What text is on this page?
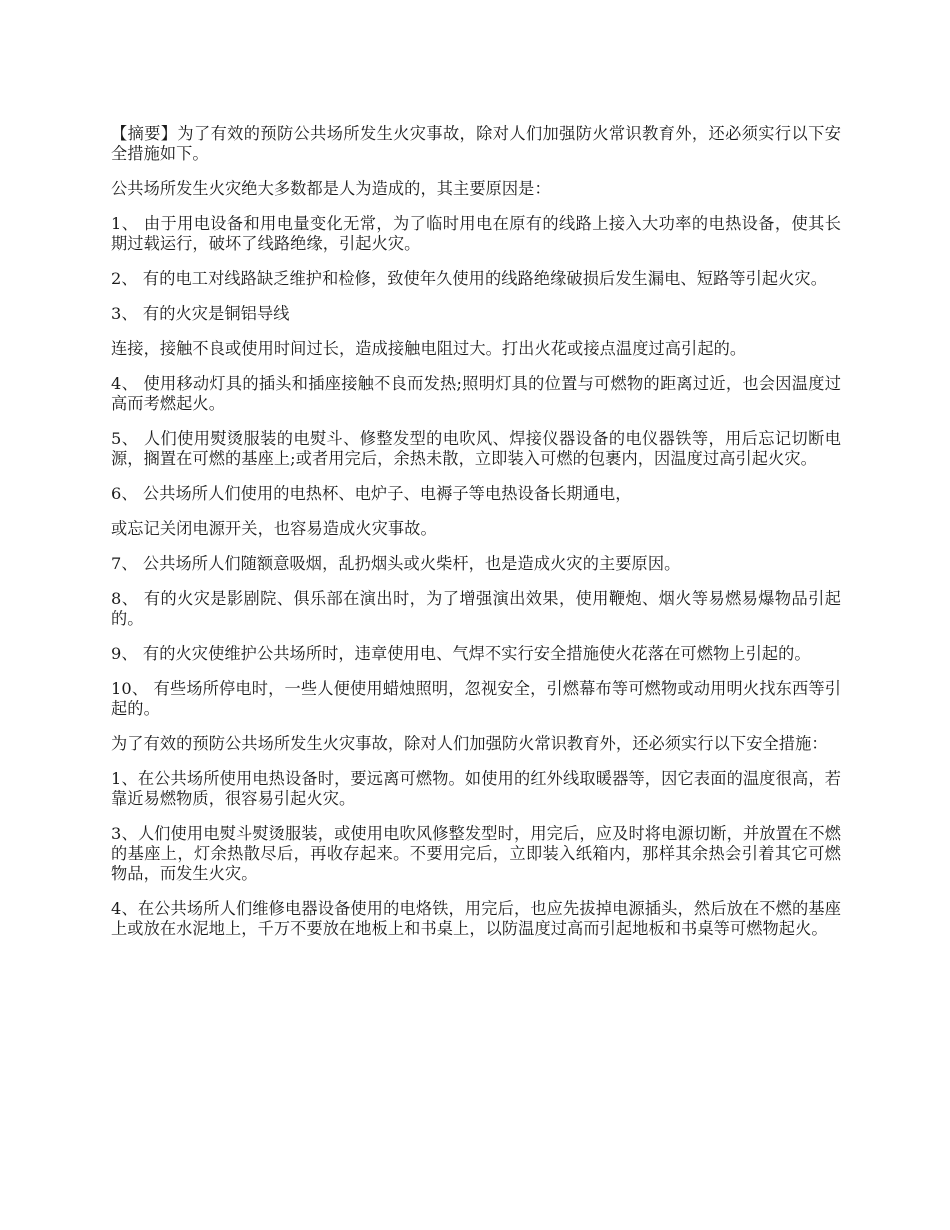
【摘要】为了有效的预防公共场所发生火灾事故，除对人们加强防火常识教育外，还必须实行以下安全措施如下。

公共场所发生火灾绝大多数都是人为造成的，其主要原因是：

1、 由于用电设备和用电量变化无常，为了临时用电在原有的线路上接入大功率的电热设备，使其长期过载运行，破坏了线路绝缘，引起火灾。

2、 有的电工对线路缺乏维护和检修，致使年久使用的线路绝缘破损后发生漏电、短路等引起火灾。

3、 有的火灾是铜铝导线

连接，接触不良或使用时间过长，造成接触电阻过大。打出火花或接点温度过高引起的。

4、 使用移动灯具的插头和插座接触不良而发热;照明灯具的位置与可燃物的距离过近，也会因温度过高而考燃起火。

5、 人们使用熨烫服装的电熨斗、修整发型的电吹风、焊接仪器设备的电仪器铁等，用后忘记切断电源，搁置在可燃的基座上;或者用完后，余热未散，立即装入可燃的包裹内，因温度过高引起火灾。

6、 公共场所人们使用的电热杯、电炉子、电褥子等电热设备长期通电，

或忘记关闭电源开关，也容易造成火灾事故。

7、 公共场所人们随额意吸烟，乱扔烟头或火柴杆，也是造成火灾的主要原因。

8、 有的火灾是影剧院、俱乐部在演出时，为了增强演出效果，使用鞭炮、烟火等易燃易爆物品引起的。

9、 有的火灾使维护公共场所时，违章使用电、气焊不实行安全措施使火花落在可燃物上引起的。

10、 有些场所停电时，一些人便使用蜡烛照明，忽视安全，引燃幕布等可燃物或动用明火找东西等引起的。

为了有效的预防公共场所发生火灾事故，除对人们加强防火常识教育外，还必须实行以下安全措施：

1、在公共场所使用电热设备时，要远离可燃物。如使用的红外线取暖器等，因它表面的温度很高，若靠近易燃物质，很容易引起火灾。

3、人们使用电熨斗熨烫服装，或使用电吹风修整发型时，用完后，应及时将电源切断，并放置在不燃的基座上，灯余热散尽后，再收存起来。不要用完后，立即装入纸箱内，那样其余热会引着其它可燃物品，而发生火灾。

4、在公共场所人们维修电器设备使用的电烙铁，用完后，也应先拔掉电源插头，然后放在不燃的基座上或放在水泥地上，千万不要放在地板上和书桌上，以防温度过高而引起地板和书桌等可燃物起火。
